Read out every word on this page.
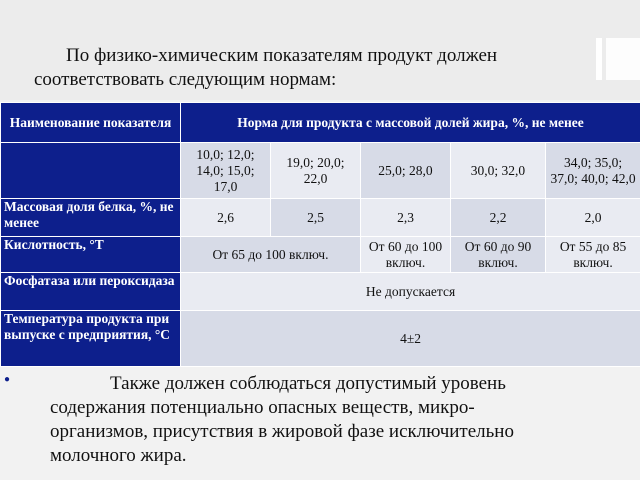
По физико-химическим показателям продукт должен
соответствовать следующим нормам:

Наименование показателя	Норма для продукта с массовой долей жира, %, не менее				
	10,0; 12,0; 14,0; 15,0; 17,0	19,0; 20,0; 22,0	25,0; 28,0	30,0; 32,0	34,0; 35,0; 37,0; 40,0; 42,0
Массовая доля белка, %, не менее	2,6	2,5	2,3	2,2	2,0
Кислотность, °Т	От 65 до 100 включ.		От 60 до 100 включ.	От 60 до 90 включ.	От 55 до 85 включ.
Фосфатаза или пероксидаза	Не допускается				
Температура продукта при выпуске с предприятия, °С	4±2				
●	Также должен соблюдаться допустимый уровень
содержания потенциально опасных веществ, микро-
организмов, присутствия в жировой фазе исключительно
молочного жира.
